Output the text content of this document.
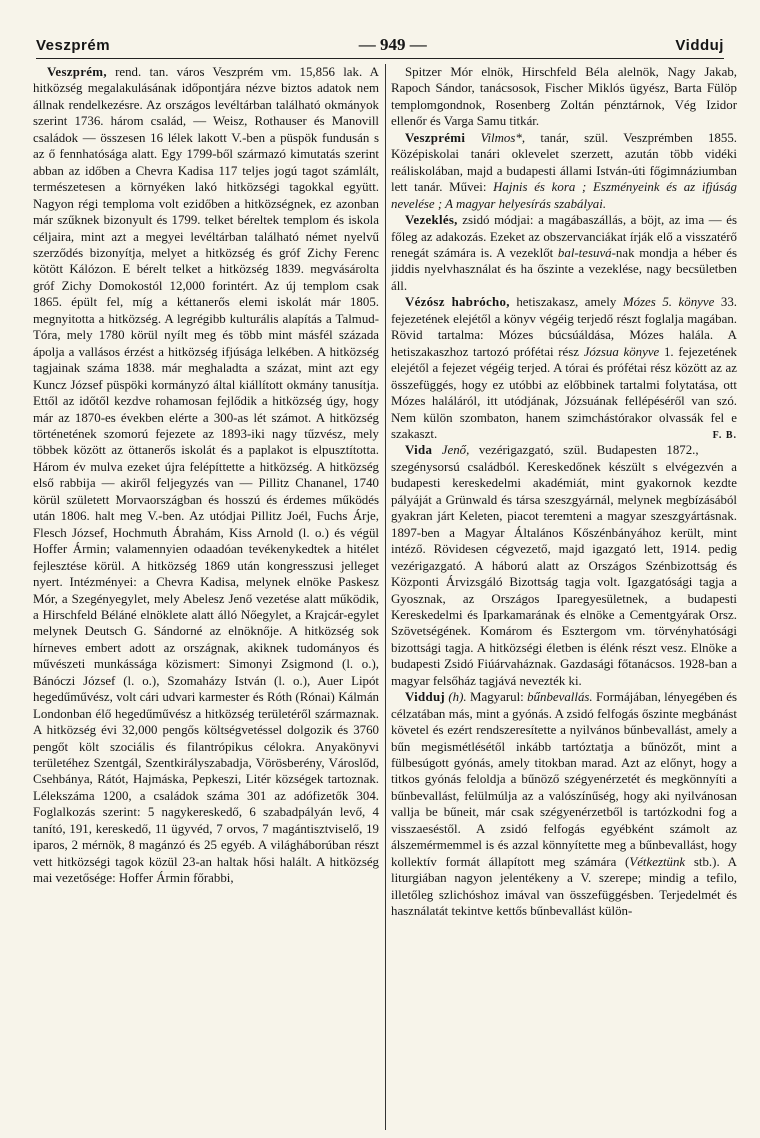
Veszprém	— 949 —	Vidduj

Veszprém, rend. tan. város Veszprém vm. 15,856 lak. A hitközség megalakulásának időpontjára nézve biztos adatok nem állnak rendelkezésre. Az országos levéltárban található okmányok szerint 1736. három család, — Weisz, Rothauser és Manovill családok — összesen 16 lélek lakott V.-ben a püspök fundusán s az ő fennhatósága alatt. Egy 1799-ből származó kimutatás szerint abban az időben a Chevra Kadisa 117 teljes jogú tagot számlált, természetesen a környéken lakó hitközségi tagokkal együtt. Nagyon régi temploma volt ezidőben a hitközségnek, ez azonban már szűknek bizonyult és 1799. telket béreltek templom és iskola céljaira, mint azt a megyei levéltárban található német nyelvű szerződés bizonyítja, melyet a hitközség és gróf Zichy Ferenc kötött Kálózon. E bérelt telket a hitközség 1839. megvásárolta gróf Zichy Domokostól 12,000 forintért. Az új templom csak 1865. épült fel, míg a kéttanerős elemi iskolát már 1805. megnyitotta a hitközség. A legrégibb kulturális alapítás a Talmud-Tóra, mely 1780 körül nyílt meg és több mint másfél százada ápolja a vallásos érzést a hitközség ifjúsága lelkében. A hitközség tagjainak száma 1838. már meghaladta a százat, mint azt egy Kuncz József püspöki kormányzó által kiállított okmány tanusítja. Ettől az időtől kezdve rohamosan fejlődik a hitközség úgy, hogy már az 1870-es években elérte a 300-as lét számot. A hitközség történetének szomorú fejezete az 1893-iki nagy tűzvész, mely többek között az öttanerős iskolát és a paplakot is elpusztította. Három év mulva ezeket újra felépíttette a hitközség. A hitközség első rabbija — akiről feljegyzés van — Pillitz Chananel, 1740 körül született Morvaországban és hosszú és érdemes működés után 1806. halt meg V.-ben. Az utódjai Pillitz Joél, Fuchs Árje, Flesch József, Hochmuth Ábrahám, Kiss Arnold (l. o.) és végül Hoffer Ármin; valamennyien odaadóan tevékenykedtek a hitélet fejlesztése körül. A hitközség 1869 után kongresszusi jelleget nyert. Intézményei: a Chevra Kadisa, melynek elnöke Paskesz Mór, a Szegényegylet, mely Abelesz Jenő vezetése alatt működik, a Hirschfeld Béláné elnöklete alatt álló Nőegylet, a Krajcár-egylet melynek Deutsch G. Sándorné az elnöknője. A hitközség sok hírneves embert adott az országnak, akiknek tudományos és művészeti munkássága közismert: Simonyi Zsigmond (l. o.), Bánóczi József (l. o.), Szomaházy István (l. o.), Auer Lipót hegedűművész, volt cári udvari karmester és Róth (Rónai) Kálmán Londonban élő hegedűművész a hitközség területéről származnak. A hitközség évi 32,000 pengős költségvetéssel dolgozik és 3760 pengőt költ szociális és filantrópikus célokra. Anyakönyvi területéhez Szentgál, Szentkirályszabadja, Vörösberény, Városlőd, Csehbánya, Rátót, Hajmáska, Pepkeszi, Litér községek tartoznak. Lélekszáma 1200, a családok száma 301 az adófizetők 304. Foglalkozás szerint: 5 nagykereskedő, 6 szabadpályán levő, 4 tanító, 191, kereskedő, 11 ügyvéd, 7 orvos, 7 magántisztviselő, 19 iparos, 2 mérnök, 8 magánzó és 25 egyéb. A világháborúban részt vett hitközségi tagok közül 23-an haltak hősi halált. A hitközség mai vezetősége: Hoffer Ármin főrabbi,

Spitzer Mór elnök, Hirschfeld Béla alelnök, Nagy Jakab, Rapoch Sándor, tanácsosok, Fischer Miklós ügyész, Barta Fülöp templomgondnok, Rosenberg Zoltán pénztárnok, Vég Izidor ellenőr és Varga Samu titkár.

Veszprémi Vilmos*, tanár, szül. Veszprémben 1855. Középiskolai tanári oklevelet szerzett, azután több vidéki reáliskolában, majd a budapesti állami István-úti főgimnáziumban lett tanár. Művei: Hajnis és kora ; Eszményeink és az ifjúság nevelése ; A magyar helyesírás szabályai.

Vezeklés, zsidó módjai: a magábaszállás, a böjt, az ima — és főleg az adakozás. Ezeket az obszervanciákat írják elő a visszatérő renegát számára is. A vezeklőt bal-tesuvá-nak mondja a héber és jiddis nyelvhasználat és ha őszinte a vezeklése, nagy becsületben áll.

Vézósz habrócho, hetiszakasz, amely Mózes 5. könyve 33. fejezetének elejétől a könyv végéig terjedő részt foglalja magában. Rövid tartalma: Mózes búcsúáldása, Mózes halála. A hetiszakaszhoz tartozó prófétai rész Józsua könyve 1. fejezetének elejétől a fejezet végéig terjed. A tórai és prófétai rész között az az összefüggés, hogy ez utóbbi az előbbinek tartalmi folytatása, ott Mózes haláláról, itt utódjának, Józsuának fellépéséről van szó. Nem külön szombaton, hanem szimchástórakor olvassák fel e szakaszt.	F. B.

Vida Jenő, vezérigazgató, szül. Budapesten 1872., szegénysorsú családból. Kereskedőnek készült s elvégezvén a budapesti kereskedelmi akadémiát, mint gyakornok kezdte pályáját a Grünwald és társa szeszgyárnál, melynek megbízásából gyakran járt Keleten, piacot teremteni a magyar szeszgyártásnak. 1897-ben a Magyar Általános Kőszénbányához került, mint intéző. Rövidesen cégvezető, majd igazgató lett, 1914. pedig vezérigazgató. A háború alatt az Országos Szénbizottság és Központi Árvizsgáló Bizottság tagja volt. Igazgatósági tagja a Gyosznak, az Országos Iparegyesületnek, a budapesti Kereskedelmi és Iparkamarának és elnöke a Cementgyárak Orsz. Szövetségének. Komárom és Esztergom vm. törvényhatósági bizottsági tagja. A hitközségi életben is élénk részt vesz. Elnöke a budapesti Zsidó Fiúárvaháznak. Gazdasági főtanácsos. 1928-ban a magyar felsőház tagjává nevezték ki.

Vidduj (h). Magyarul: bűnbevallás. Formájában, lényegében és célzatában más, mint a gyónás. A zsidó felfogás őszinte megbánást követel és ezért rendszeresítette a nyilvános bűnbevallást, amely a bűn megismétlésétől inkább tartóztatja a bűnözőt, mint a fülbesúgott gyónás, amely titokban marad. Azt az előnyt, hogy a titkos gyónás feloldja a bűnöző szégyenérzetét és megkönnyíti a bűnbevallást, felülmúlja az a valószínűség, hogy aki nyilvánosan vallja be bűneit, már csak szégyenérzetből is tartózkodni fog a visszaeséstől. A zsidó felfogás egyébként számolt az álszemérmemmel is és azzal könnyítette meg a bűnbevallást, hogy kollektív formát állapított meg számára (Vétkeztünk stb.). A liturgiában nagyon jelentékeny a V. szerepe; mindig a tefilo, illetőleg szlichóshoz imával van összefüggésben. Terjedelmét és használatát tekintve kettős bűnbevallást külön-
